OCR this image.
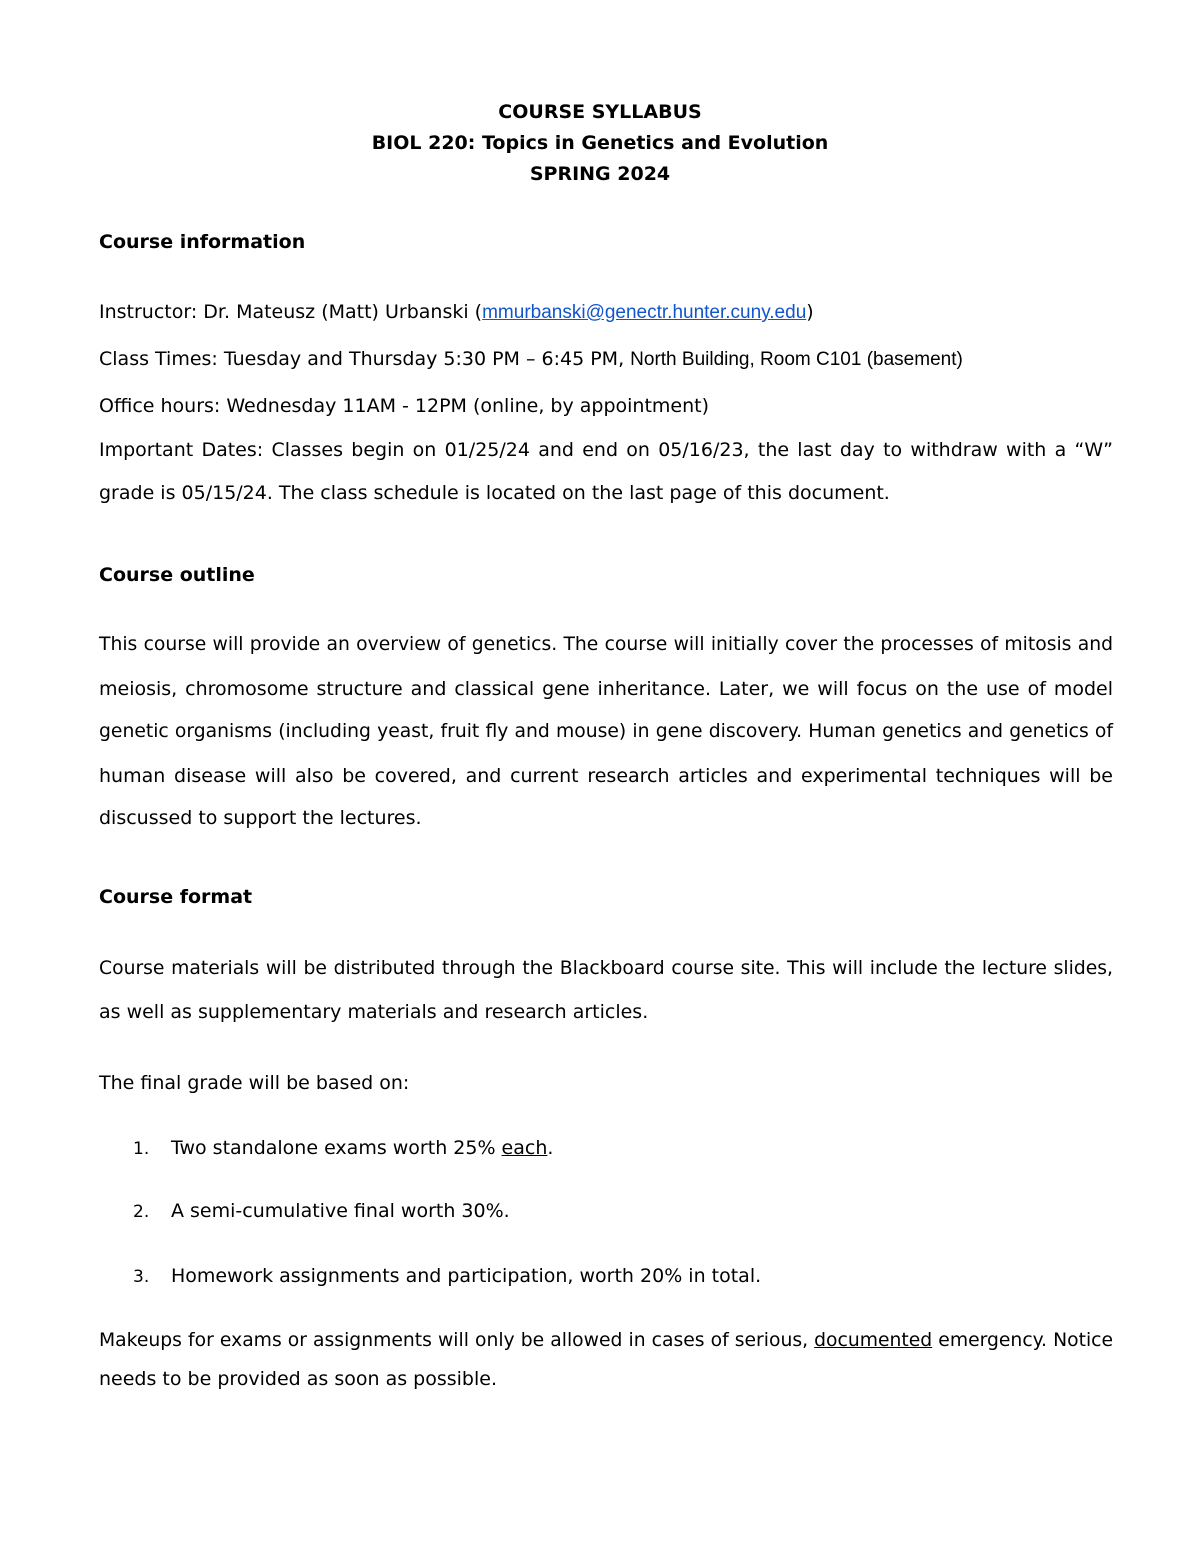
COURSE SYLLABUS
BIOL 220: Topics in Genetics and Evolution
SPRING 2024
Course information
Instructor: Dr. Mateusz (Matt) Urbanski (mmurbanski@genectr.hunter.cuny.edu)
Class Times: Tuesday and Thursday 5:30 PM – 6:45 PM, North Building, Room C101 (basement)
Office hours: Wednesday 11AM - 12PM (online, by appointment)
Important Dates: Classes begin on 01/25/24 and end on 05/16/23, the last day to withdraw with a “W”
grade is 05/15/24. The class schedule is located on the last page of this document.
Course outline
This course will provide an overview of genetics. The course will initially cover the processes of mitosis and
meiosis, chromosome structure and classical gene inheritance. Later, we will focus on the use of model
genetic organisms (including yeast, fruit fly and mouse) in gene discovery. Human genetics and genetics of
human disease will also be covered, and current research articles and experimental techniques will be
discussed to support the lectures.
Course format
Course materials will be distributed through the Blackboard course site. This will include the lecture slides,
as well as supplementary materials and research articles.
The final grade will be based on:
1. Two standalone exams worth 25% each.
2. A semi-cumulative final worth 30%.
3. Homework assignments and participation, worth 20% in total.
Makeups for exams or assignments will only be allowed in cases of serious, documented emergency. Notice
needs to be provided as soon as possible.
